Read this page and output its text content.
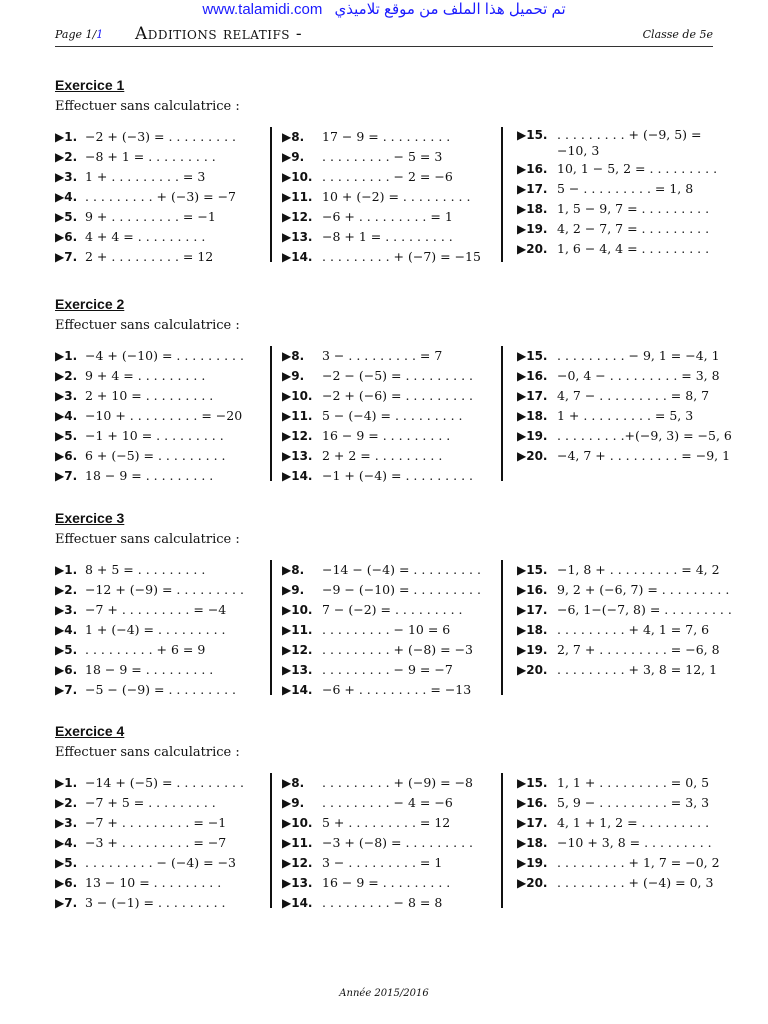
www.talamidi.com تم تحميل هذا الملف من موقع تلاميذي
Page 1/1 Additions relatifs -	Classe de 5e
Exercice 1
Effectuer sans calculatrice :
▶1. −2 + (−3) = . . . . . . . . .
▶2. −8 + 1 = . . . . . . . . .
▶3. 1 + . . . . . . . . . = 3
▶4. . . . . . . . . . + (−3) = −7
▶5. 9 + . . . . . . . . . = −1
▶6. 4 + 4 = . . . . . . . . .
▶7. 2 + . . . . . . . . . = 12
▶8.	17 − 9 = . . . . . . . . .
▶9.	. . . . . . . . . − 5 = 3
▶10. . . . . . . . . . − 2 = −6
▶11. 10 + (−2) = . . . . . . . . .
▶12. −6 + . . . . . . . . . = 1
▶13. −8 + 1 = . . . . . . . . .
▶14. . . . . . . . . . + (−7) = −15
▶15. . . . . . . . . . + (−9, 5) = −10, 3
▶16. 10, 1 − 5, 2 = . . . . . . . . .
▶17. 5 − . . . . . . . . . = 1, 8
▶18. 1, 5 − 9, 7 = . . . . . . . . .
▶19. 4, 2 − 7, 7 = . . . . . . . . .
▶20. 1, 6 − 4, 4 = . . . . . . . . .
Exercice 2
Effectuer sans calculatrice :
▶1. −4 + (−10) = . . . . . . . . .
▶2. 9 + 4 = . . . . . . . . .
▶3. 2 + 10 = . . . . . . . . .
▶4. −10 + . . . . . . . . . = −20
▶5. −1 + 10 = . . . . . . . . .
▶6. 6 + (−5) = . . . . . . . . .
▶7. 18 − 9 = . . . . . . . . .
▶8.	3 − . . . . . . . . . = 7
▶9.	−2 − (−5) = . . . . . . . . .
▶10. −2 + (−6) = . . . . . . . . .
▶11. 5 − (−4) = . . . . . . . . .
▶12. 16 − 9 = . . . . . . . . .
▶13. 2 + 2 = . . . . . . . . .
▶14. −1 + (−4) = . . . . . . . . .
▶15. . . . . . . . . . − 9, 1 = −4, 1
▶16. −0, 4 − . . . . . . . . . = 3, 8
▶17. 4, 7 − . . . . . . . . . = 8, 7
▶18. 1 + . . . . . . . . . = 5, 3
▶19. . . . . . . . . .+(−9, 3) = −5, 6
▶20. −4, 7 + . . . . . . . . . = −9, 1
Exercice 3
Effectuer sans calculatrice :
▶1. 8 + 5 = . . . . . . . . .
▶2. −12 + (−9) = . . . . . . . . .
▶3. −7 + . . . . . . . . . = −4
▶4. 1 + (−4) = . . . . . . . . .
▶5. . . . . . . . . . + 6 = 9
▶6. 18 − 9 = . . . . . . . . .
▶7. −5 − (−9) = . . . . . . . . .
▶8.	−14 − (−4) = . . . . . . . . .
▶9.	−9 − (−10) = . . . . . . . . .
▶10. 7 − (−2) = . . . . . . . . .
▶11. . . . . . . . . . − 10 = 6
▶12. . . . . . . . . . + (−8) = −3
▶13. . . . . . . . . . − 9 = −7
▶14. −6 + . . . . . . . . . = −13
▶15. −1, 8 + . . . . . . . . . = 4, 2
▶16. 9, 2 + (−6, 7) = . . . . . . . . .
▶17. −6, 1−(−7, 8) = . . . . . . . . .
▶18. . . . . . . . . . + 4, 1 = 7, 6
▶19. 2, 7 + . . . . . . . . . = −6, 8
▶20. . . . . . . . . . + 3, 8 = 12, 1
Exercice 4
Effectuer sans calculatrice :
▶1. −14 + (−5) = . . . . . . . . .
▶2. −7 + 5 = . . . . . . . . .
▶3. −7 + . . . . . . . . . = −1
▶4. −3 + . . . . . . . . . = −7
▶5. . . . . . . . . . − (−4) = −3
▶6. 13 − 10 = . . . . . . . . .
▶7. 3 − (−1) = . . . . . . . . .
▶8.	. . . . . . . . . + (−9) = −8
▶9.	. . . . . . . . . − 4 = −6
▶10. 5 + . . . . . . . . . = 12
▶11. −3 + (−8) = . . . . . . . . .
▶12. 3 − . . . . . . . . . = 1
▶13. 16 − 9 = . . . . . . . . .
▶14. . . . . . . . . . − 8 = 8
▶15. 1, 1 + . . . . . . . . . = 0, 5
▶16. 5, 9 − . . . . . . . . . = 3, 3
▶17. 4, 1 + 1, 2 = . . . . . . . . .
▶18. −10 + 3, 8 = . . . . . . . . .
▶19. . . . . . . . . . + 1, 7 = −0, 2
▶20. . . . . . . . . . + (−4) = 0, 3
Année 2015/2016
